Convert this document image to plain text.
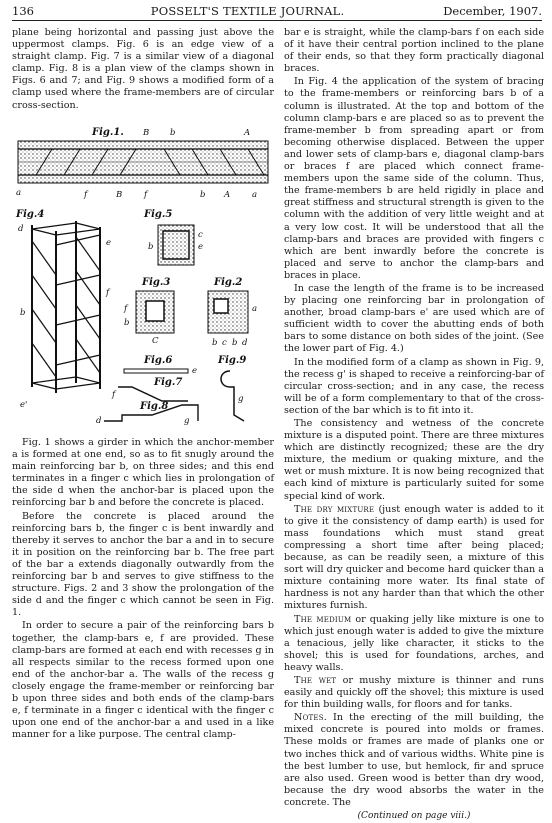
136	POSSELT'S TEXTILE JOURNAL.	December, 1907.

plane being horizontal and passing just above the uppermost clamps. Fig. 6 is an edge view of a straight clamp. Fig. 7 is a similar view of a diagonal clamp. Fig. 8 is a plan view of the clamps shown in Figs. 6 and 7; and Fig. 9 shows a modified form of a clamp used where the frame-members are of circular cross-section.

Fig.1. B b	A
a	f	B	f	b A	a
Fig.4
d
e
f
b
e'
Fig.5
c
e
b
Fig.3
f
b
C
Fig.2
a
b c b d
Fig.6
e
Fig.9
g
Fig.7
f
Fig.8
d	g

Fig. 1 shows a girder in which the anchor-member a is formed at one end, so as to fit snugly around the main reinforcing bar b, on three sides; and this end terminates in a finger c which lies in prolongation of the side d when the anchor-bar is placed upon the reinforcing bar b and before the concrete is placed.

Before the concrete is placed around the reinforcing bars b, the finger c is bent inwardly and thereby it serves to anchor the bar a and in to secure it in position on the reinforcing bar b. The free part of the bar a extends diagonally outwardly from the reinforcing bar b and serves to give stiffness to the structure. Figs. 2 and 3 show the prolongation of the side d and the finger c which cannot be seen in Fig. 1.

In order to secure a pair of the reinforcing bars b together, the clamp-bars e, f are provided. These clamp-bars are formed at each end with recesses g in all respects similar to the recess formed upon one end of the anchor-bar a. The walls of the recess g closely engage the frame-member or reinforcing bar b upon three sides and both ends of the clamp-bars e, f terminate in a finger c identical with the finger c upon one end of the anchor-bar a and used in a like manner for a like purpose. The central clamp-

bar e is straight, while the clamp-bars f on each side of it have their central portion inclined to the plane of their ends, so that they form practically diagonal braces.

In Fig. 4 the application of the system of bracing to the frame-members or reinforcing bars b of a column is illustrated. At the top and bottom of the column clamp-bars e are placed so as to prevent the frame-member b from spreading apart or from becoming otherwise displaced. Between the upper and lower sets of clamp-bars e, diagonal clamp-bars or braces f are placed which connect frame-members upon the same side of the column. Thus, the frame-members b are held rigidly in place and great stiffness and structural strength is given to the column with the addition of very little weight and at a very low cost. It will be understood that all the clamp-bars and braces are provided with fingers c which are bent inwardly before the concrete is placed and serve to anchor the clamp-bars and braces in place.

In case the length of the frame is to be increased by placing one reinforcing bar in prolongation of another, broad clamp-bars e' are used which are of sufficient width to cover the abutting ends of both bars to some distance on both sides of the joint. (See the lower part of Fig. 4.)

In the modified form of a clamp as shown in Fig. 9, the recess g' is shaped to receive a reinforcing-bar of circular cross-section; and in any case, the recess will be of a form complementary to that of the cross-section of the bar which is to fit into it.

The consistency and wetness of the concrete mixture is a disputed point. There are three mixtures which are distinctly recognized; these are the dry mixture, the medium or quaking mixture, and the wet or mush mixture. It is now being recognized that each kind of mixture is particularly suited for some special kind of work.

The dry mixture (just enough water is added to it to give it the consistency of damp earth) is used for mass foundations which must stand great compressing a short time after being placed; because, as can be readily seen, a mixture of this sort will dry quicker and become hard quicker than a mixture containing more water. Its final state of hardness is not any harder than that which the other mixtures furnish.

The medium or quaking jelly like mixture is one to which just enough water is added to give the mixture a tenacious, jelly like character, it sticks to the shovel; this is used for foundations, arches, and heavy walls.

The wet or mushy mixture is thinner and runs easily and quickly off the shovel; this mixture is used for thin building walls, for floors and for tanks.

Notes. In the erecting of the mill building, the mixed concrete is poured into molds or frames. These molds or frames are made of planks one or two inches thick and of various widths. White pine is the best lumber to use, but hemlock, fir and spruce are also used. Green wood is better than dry wood, because the dry wood absorbs the water in the concrete. The

(Continued on page viii.)
